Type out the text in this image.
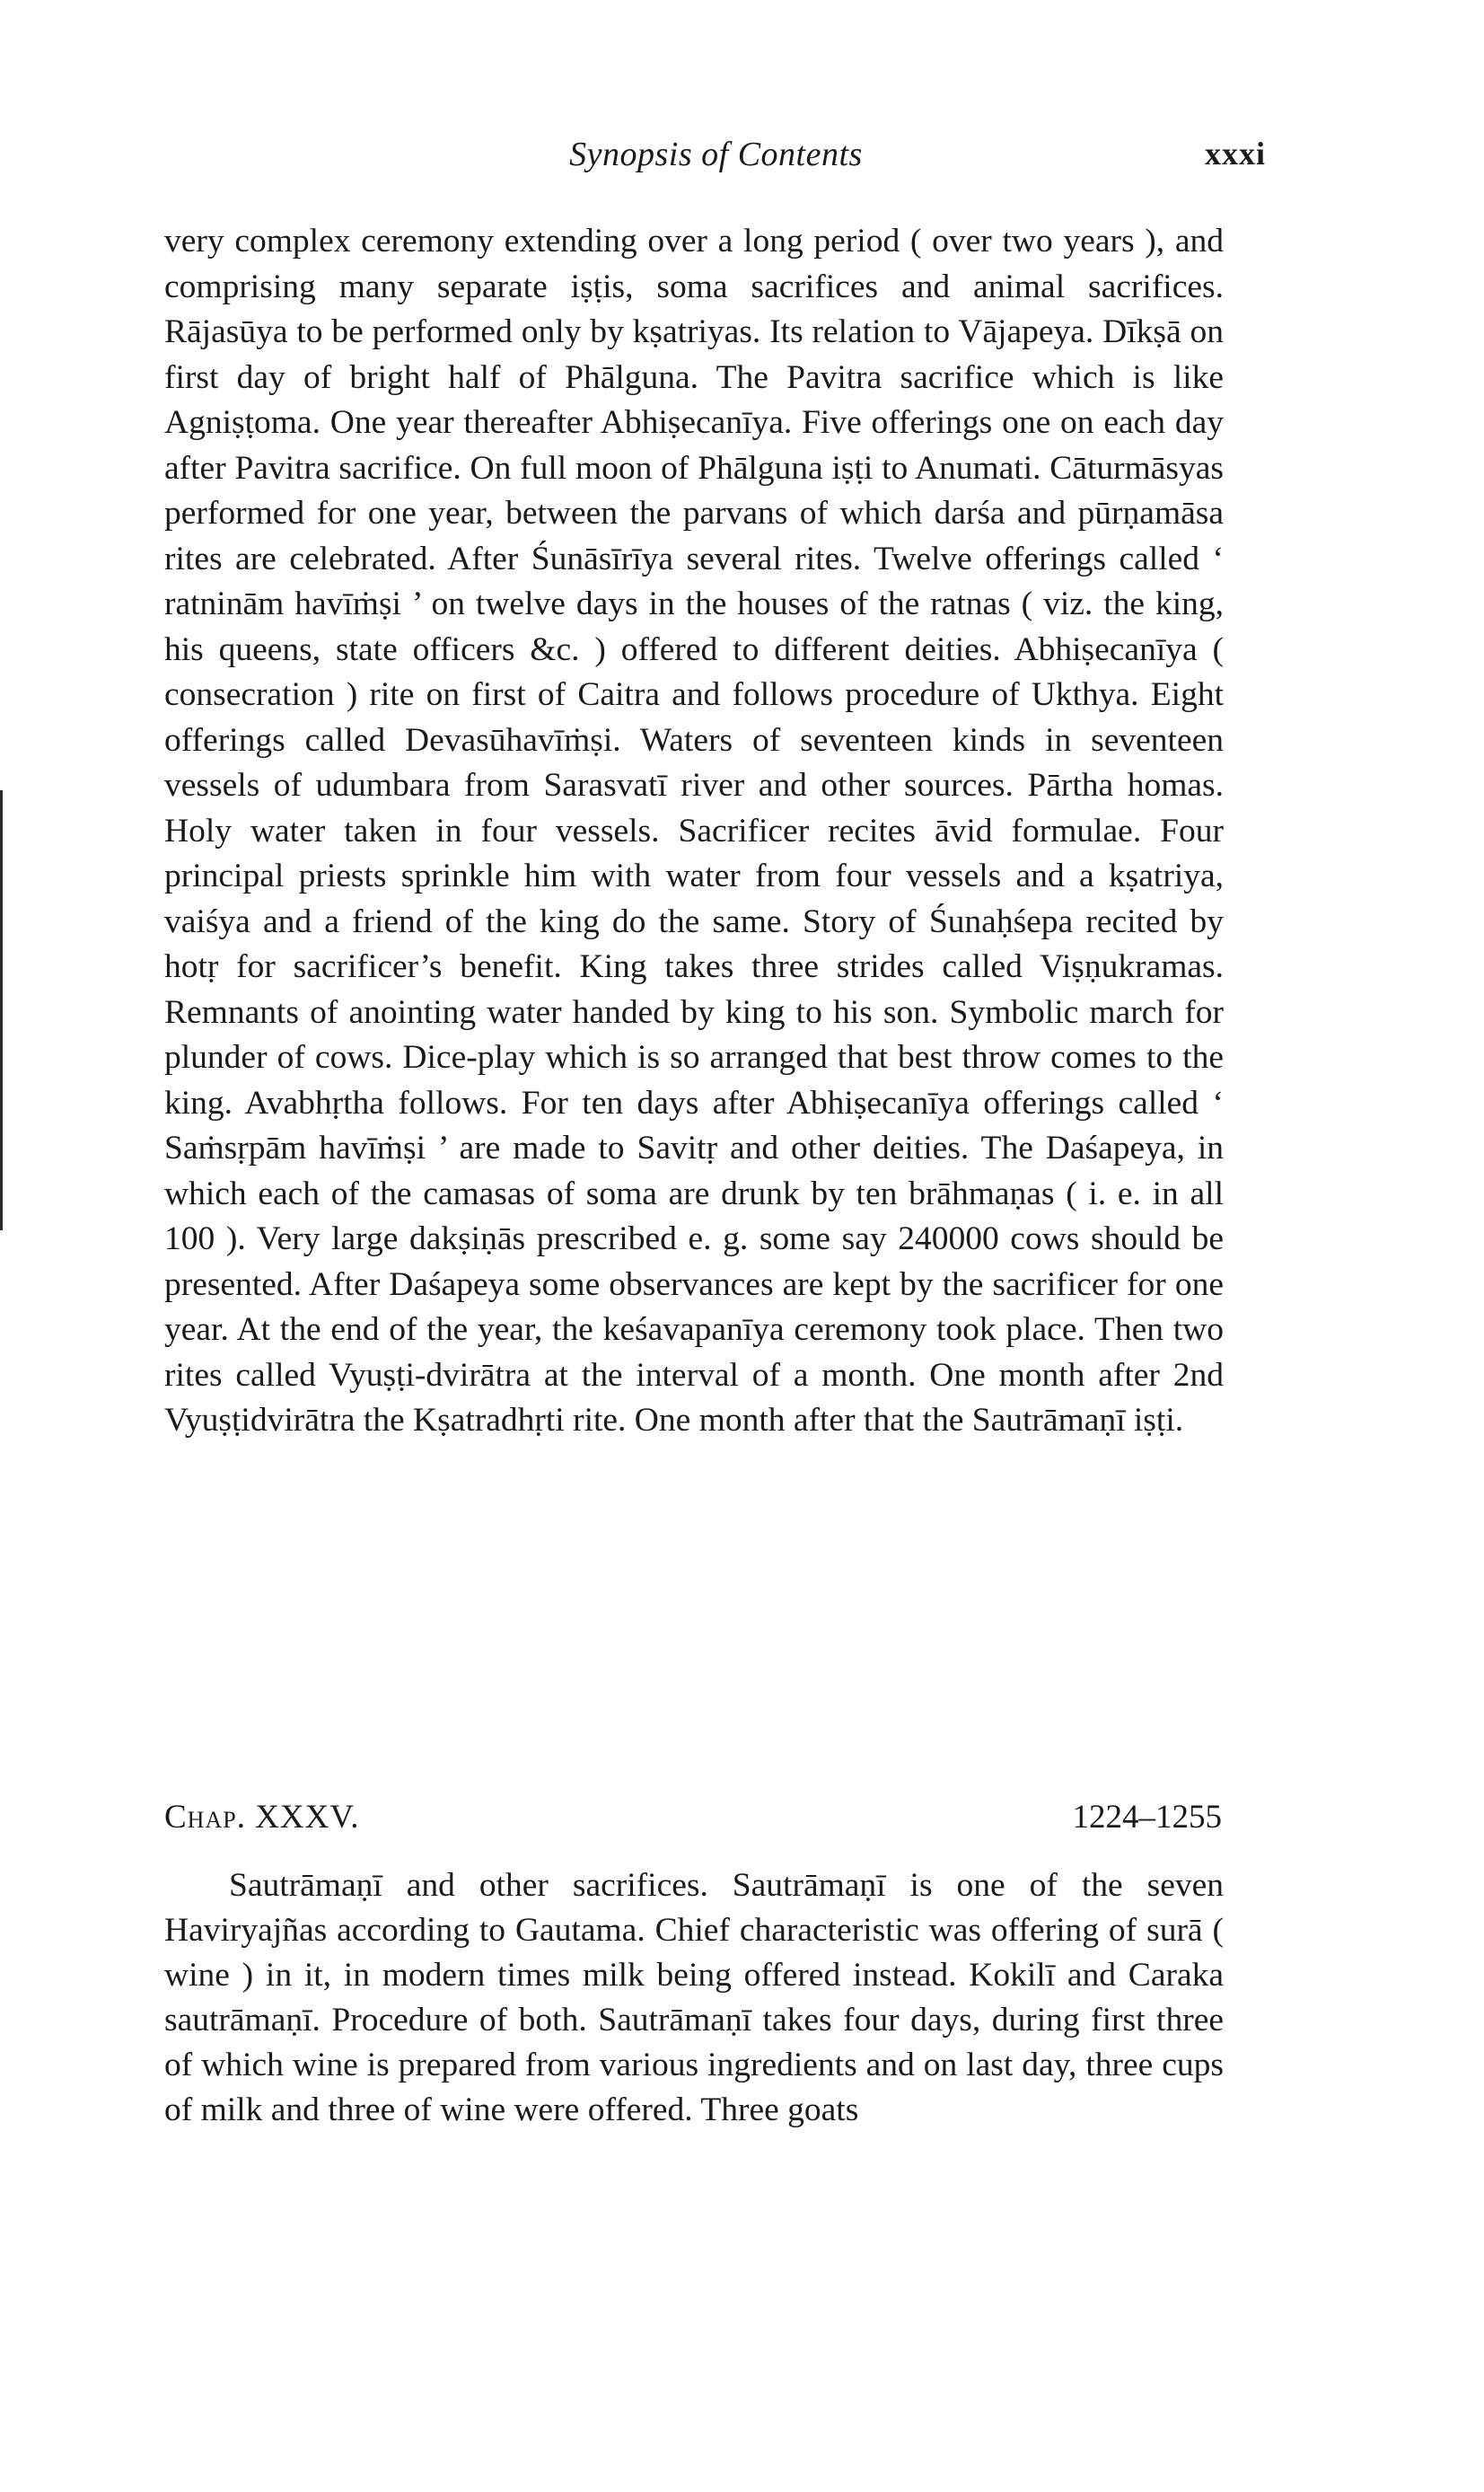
Synopsis of Contents	xxxi

very complex ceremony extending over a long period ( over two years ), and comprising many separate iṣṭis, soma sacrifices and animal sacrifices. Rājasūya to be performed only by kṣatriyas. Its relation to Vājapeya. Dīkṣā on first day of bright half of Phālguna. The Pavitra sacrifice which is like Agniṣṭoma. One year thereafter Abhiṣecanīya. Five offerings one on each day after Pavitra sacrifice. On full moon of Phālguna iṣṭi to Anumati. Cāturmāsyas performed for one year, between the parvans of which darśa and pūrṇamāsa rites are celebrated. After Śunāsīrīya several rites. Twelve offerings called ‘ ratninām havīṁṣi ’ on twelve days in the houses of the ratnas ( viz. the king, his queens, state officers &c. ) offered to different deities. Abhiṣecanīya ( consecration ) rite on first of Caitra and follows procedure of Ukthya. Eight offerings called Devasūhavīṁṣi. Waters of seventeen kinds in seventeen vessels of udumbara from Sarasvatī river and other sources. Pārtha homas. Holy water taken in four vessels. Sacrificer recites āvid formulae. Four principal priests sprinkle him with water from four vessels and a kṣatriya, vaiśya and a friend of the king do the same. Story of Śunaḥśepa recited by hotṛ for sacrificer’s benefit. King takes three strides called Viṣṇukramas. Remnants of anointing water handed by king to his son. Symbolic march for plunder of cows. Dice-play which is so arranged that best throw comes to the king. Avabhṛtha follows. For ten days after Abhiṣecanīya offerings called ‘ Saṁsṛpām havīṁṣi ’ are made to Savitṛ and other deities. The Daśapeya, in which each of the camasas of soma are drunk by ten brāhmaṇas ( i. e. in all 100 ). Very large dakṣiṇās prescribed e. g. some say 240000 cows should be presented. After Daśapeya some observances are kept by the sacrificer for one year. At the end of the year, the keśavapanīya ceremony took place. Then two rites called Vyuṣṭi-dvirātra at the interval of a month. One month after 2nd Vyuṣṭidvirātra the Kṣatradhṛti rite. One month after that the Sautrāmaṇī iṣṭi.

Chap. XXXV.	1224–1255

Sautrāmaṇī and other sacrifices. Sautrāmaṇī is one of the seven Haviryajñas according to Gautama. Chief characteristic was offering of surā ( wine ) in it, in modern times milk being offered instead. Kokilī and Caraka sautrāmaṇī. Procedure of both. Sautrāmaṇī takes four days, during first three of which wine is prepared from various ingredients and on last day, three cups of milk and three of wine were offered. Three goats
